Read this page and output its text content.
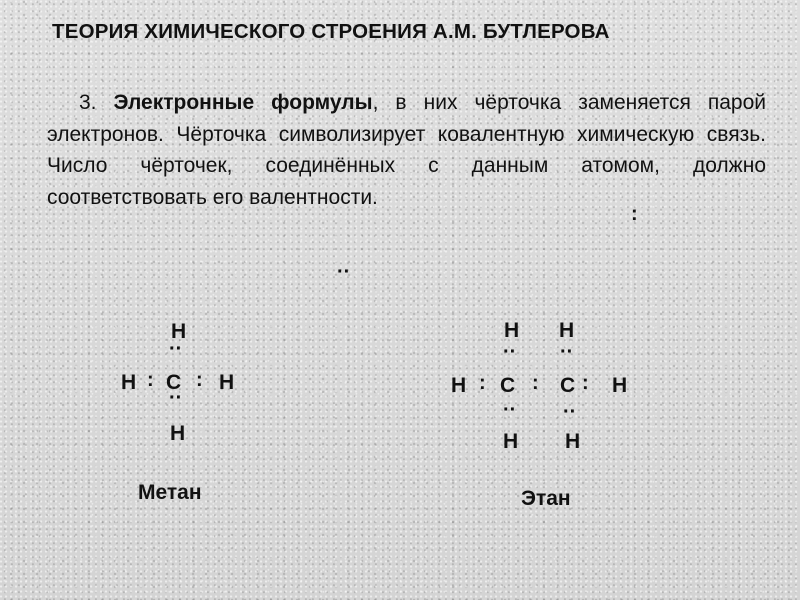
ТЕОРИЯ ХИМИЧЕСКОГО СТРОЕНИЯ А.М. БУТЛЕРОВА
3. Электронные формулы, в них чёрточка заменяется парой электронов. Чёрточка символизирует ковалентную химическую связь. Число чёрточек, соединённых с данным атомом, должно соответствовать его валентности.
:
··
H
··
H : C : H
··
H
H H
·· ··
H : C : C : H
·· ··
H H
Метан	Этан
